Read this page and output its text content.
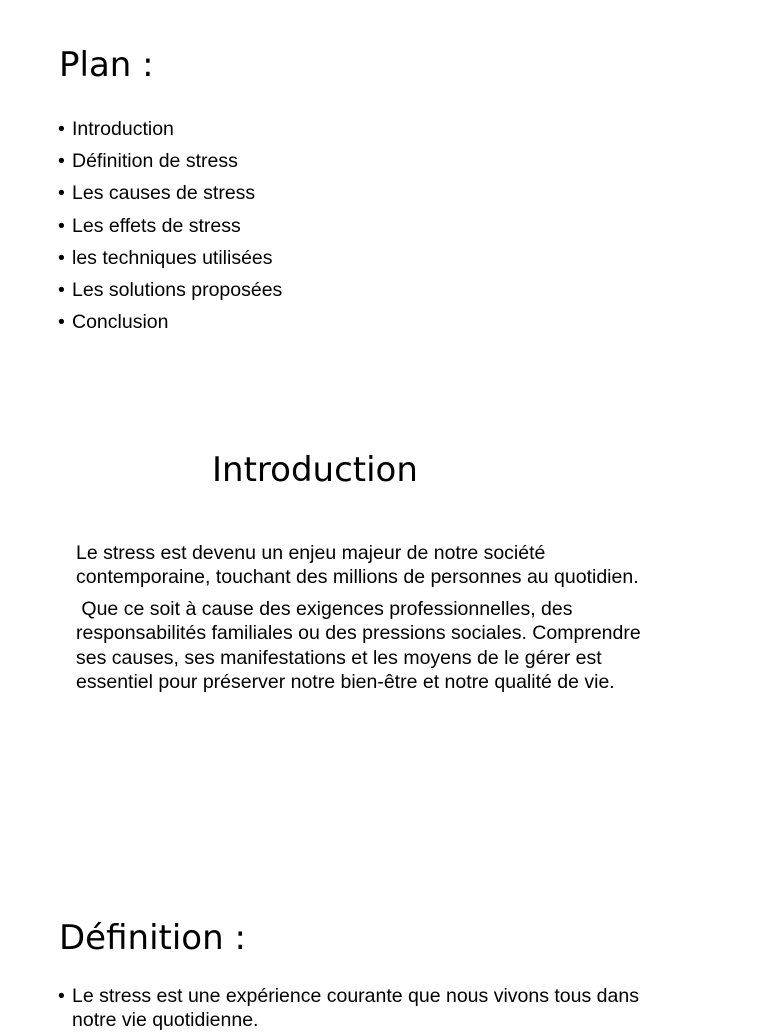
Plan :
• Introduction
• Définition de stress
• Les causes de stress
• Les effets de stress
• les techniques utilisées
• Les solutions proposées
• Conclusion
Introduction

Le stress est devenu un enjeu majeur de notre société contemporaine, touchant des millions de personnes au quotidien.

Que ce soit à cause des exigences professionnelles, des responsabilités familiales ou des pressions sociales. Comprendre ses causes, ses manifestations et les moyens de le gérer est essentiel pour préserver notre bien-être et notre qualité de vie.

Définition :
• Le stress est une expérience courante que nous vivons tous dans notre vie quotidienne.
